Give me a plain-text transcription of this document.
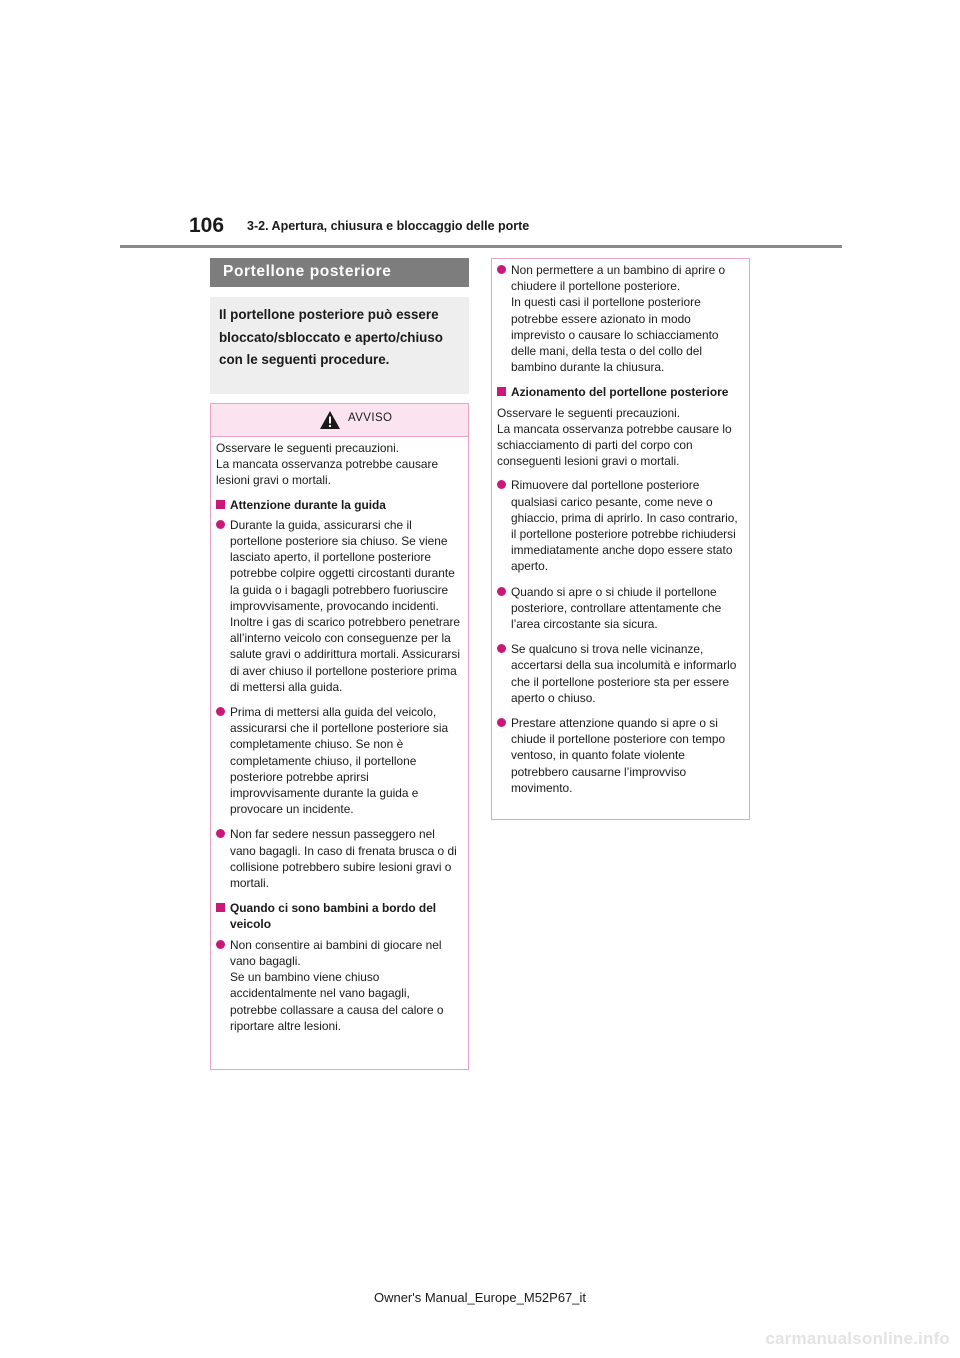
106 3-2. Apertura, chiusura e bloccaggio delle porte
Portellone posteriore
Il portellone posteriore può essere bloccato/sbloccato e aperto/chiuso con le seguenti procedure.
AVVISO

Osservare le seguenti precauzioni.
La mancata osservanza potrebbe causare lesioni gravi o mortali.

Attenzione durante la guida
Durante la guida, assicurarsi che il portellone posteriore sia chiuso. Se viene lasciato aperto, il portellone posteriore potrebbe colpire oggetti circostanti durante la guida o i bagagli potrebbero fuoriuscire improvvisamente, provocando incidenti.
Inoltre i gas di scarico potrebbero penetrare all’interno veicolo con conseguenze per la salute gravi o addirittura mortali. Assicurarsi di aver chiuso il portellone posteriore prima di mettersi alla guida.
Prima di mettersi alla guida del veicolo, assicurarsi che il portellone posteriore sia completamente chiuso. Se non è completamente chiuso, il portellone posteriore potrebbe aprirsi improvvisamente durante la guida e provocare un incidente.
Non far sedere nessun passeggero nel vano bagagli. In caso di frenata brusca o di collisione potrebbero subire lesioni gravi o mortali.
Quando ci sono bambini a bordo del veicolo
Non consentire ai bambini di giocare nel vano bagagli.
Se un bambino viene chiuso accidentalmente nel vano bagagli, potrebbe collassare a causa del calore o riportare altre lesioni.
Non permettere a un bambino di aprire o chiudere il portellone posteriore.
In questi casi il portellone posteriore potrebbe essere azionato in modo imprevisto o causare lo schiacciamento delle mani, della testa o del collo del bambino durante la chiusura.
Azionamento del portellone posteriore

Osservare le seguenti precauzioni.
La mancata osservanza potrebbe causare lo schiacciamento di parti del corpo con conseguenti lesioni gravi o mortali.

Rimuovere dal portellone posteriore qualsiasi carico pesante, come neve o ghiaccio, prima di aprirlo. In caso contrario, il portellone posteriore potrebbe richiudersi immediatamente anche dopo essere stato aperto.
Quando si apre o si chiude il portellone posteriore, controllare attentamente che l’area circostante sia sicura.
Se qualcuno si trova nelle vicinanze, accertarsi della sua incolumità e informarlo che il portellone posteriore sta per essere aperto o chiuso.
Prestare attenzione quando si apre o si chiude il portellone posteriore con tempo ventoso, in quanto folate violente potrebbero causarne l’improvviso movimento.
Owner's Manual_Europe_M52P67_it
carmanualsonline.info
